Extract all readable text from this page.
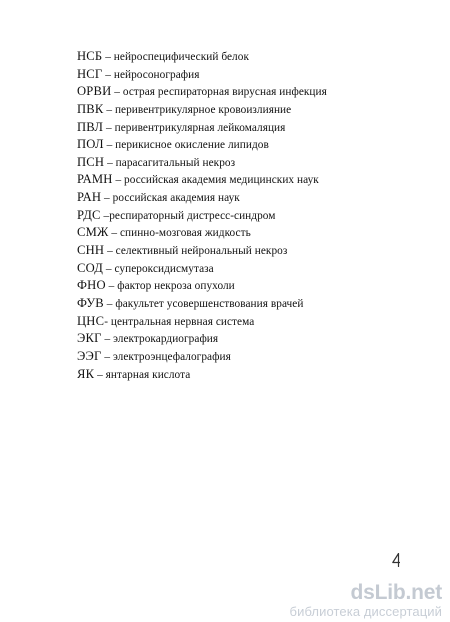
НСБ – нейроспецифический белок
НСГ – нейросонография
ОРВИ – острая респираторная вирусная инфекция
ПВК – перивентрикулярное кровоизлияние
ПВЛ – перивентрикулярная лейкомаляция
ПОЛ – перикисное окисление липидов
ПСН – парасагитальный некроз
РАМН – российская академия медицинских наук
РАН – российская академия наук
РДС –респираторный дистресс-синдром
СМЖ – спинно-мозговая жидкость
СНН – селективный нейрональный некроз
СОД – супероксидисмутаза
ФНО – фактор некроза опухоли
ФУВ – факультет усовершенствования врачей
ЦНС- центральная нервная система
ЭКГ – электрокардиография
ЭЭГ – электроэнцефалография
ЯК – янтарная кислота
dsLib.net
библиотека диссертаций
